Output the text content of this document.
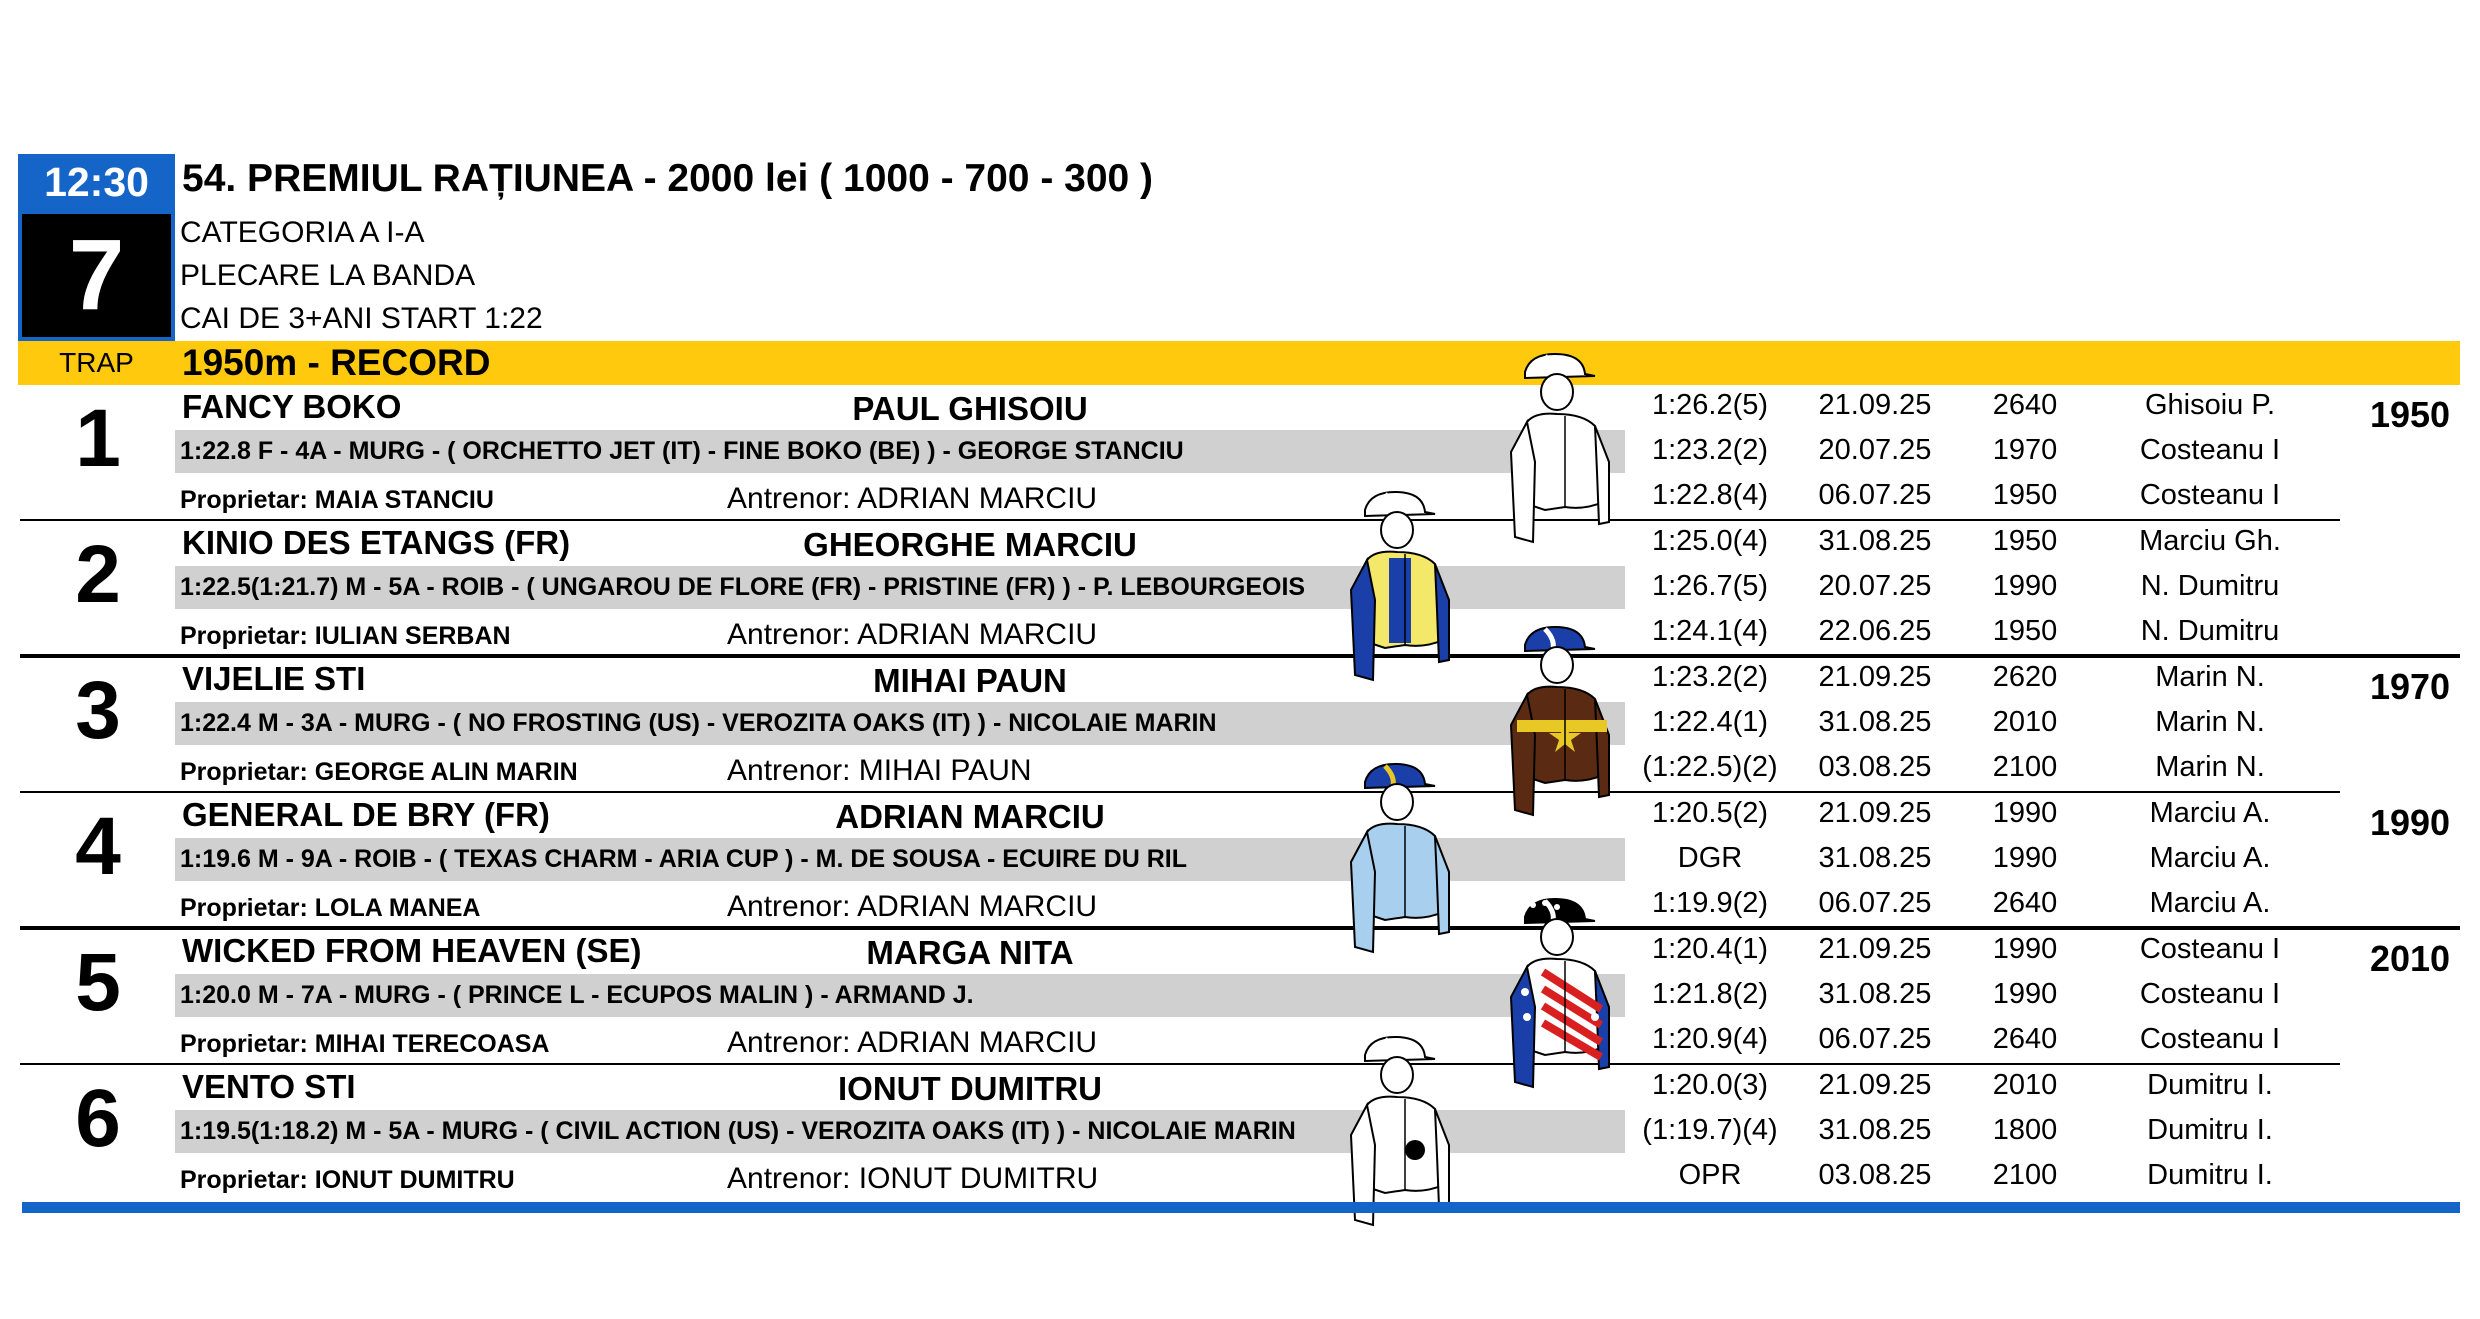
12:30
7
54. PREMIUL RAȚIUNEA - 2000 lei ( 1000 - 700 - 300 )
CATEGORIA A I-A
PLECARE LA BANDA
CAI DE 3+ANI START 1:22
TRAP	1950m - RECORD
1	FANCY BOKO	PAUL GHISOIU
1:22.8 F - 4A - MURG - ( ORCHETTO JET (IT) - FINE BOKO (BE) ) - GEORGE STANCIU
Proprietar: MAIA STANCIU	Antrenor: ADRIAN MARCIU
1:26.2(5)	21.09.25	2640	Ghisoiu P.
1:23.2(2)	20.07.25	1970	Costeanu I
1:22.8(4)	06.07.25	1950	Costeanu I
1950
2	KINIO DES ETANGS (FR)	GHEORGHE MARCIU
1:22.5(1:21.7) M - 5A - ROIB - ( UNGAROU DE FLORE (FR) - PRISTINE (FR) ) - P. LEBOURGEOIS
Proprietar: IULIAN SERBAN	Antrenor: ADRIAN MARCIU
1:25.0(4)	31.08.25	1950	Marciu Gh.
1:26.7(5)	20.07.25	1990	N. Dumitru
1:24.1(4)	22.06.25	1950	N. Dumitru
3	VIJELIE STI	MIHAI PAUN
1:22.4 M - 3A - MURG - ( NO FROSTING (US) - VEROZITA OAKS (IT) ) - NICOLAIE MARIN
Proprietar: GEORGE ALIN MARIN	Antrenor: MIHAI PAUN
1:23.2(2)	21.09.25	2620	Marin N.
1:22.4(1)	31.08.25	2010	Marin N.
(1:22.5)(2)	03.08.25	2100	Marin N.
1970
4	GENERAL DE BRY (FR)	ADRIAN MARCIU
1:19.6 M - 9A - ROIB - ( TEXAS CHARM - ARIA CUP ) - M. DE SOUSA - ECUIRE DU RIL
Proprietar: LOLA MANEA	Antrenor: ADRIAN MARCIU
1:20.5(2)	21.09.25	1990	Marciu A.
DGR	31.08.25	1990	Marciu A.
1:19.9(2)	06.07.25	2640	Marciu A.
1990
5	WICKED FROM HEAVEN (SE)	MARGA NITA
1:20.0 M - 7A - MURG - ( PRINCE L - ECUPOS MALIN ) - ARMAND J.
Proprietar: MIHAI TERECOASA	Antrenor: ADRIAN MARCIU
1:20.4(1)	21.09.25	1990	Costeanu I
1:21.8(2)	31.08.25	1990	Costeanu I
1:20.9(4)	06.07.25	2640	Costeanu I
2010
6	VENTO STI	IONUT DUMITRU
1:19.5(1:18.2) M - 5A - MURG - ( CIVIL ACTION (US) - VEROZITA OAKS (IT) ) - NICOLAIE MARIN
Proprietar: IONUT DUMITRU	Antrenor: IONUT DUMITRU
1:20.0(3)	21.09.25	2010	Dumitru I.
(1:19.7)(4)	31.08.25	1800	Dumitru I.
OPR	03.08.25	2100	Dumitru I.
